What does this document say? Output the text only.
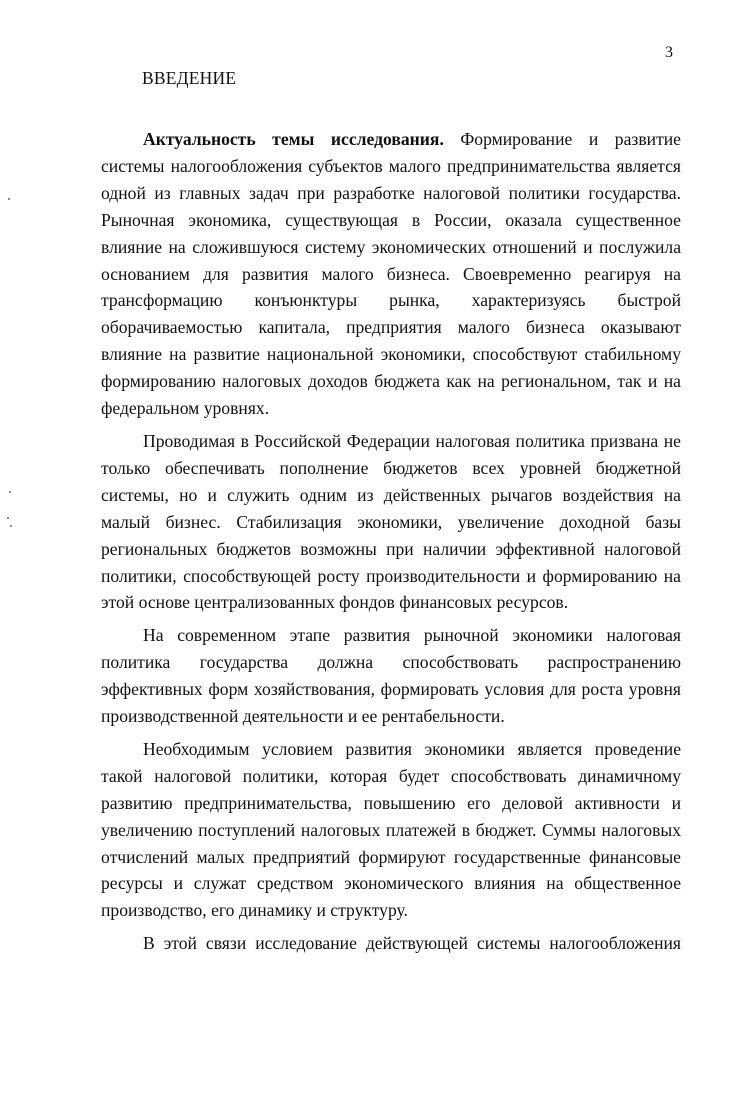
3
ВВЕДЕНИЕ

Актуальность темы исследования. Формирование и развитие системы налогообложения субъектов малого предпринимательства является одной из главных задач при разработке налоговой политики государства. Рыночная экономика, существующая в России, оказала существенное влияние на сложившуюся систему экономических отношений и послужила основанием для развития малого бизнеса. Своевременно реагируя на трансформацию конъюнктуры рынка, характеризуясь быстрой оборачиваемостью капитала, предприятия малого бизнеса оказывают влияние на развитие национальной экономики, способствуют стабильному формированию налоговых доходов бюджета как на региональном, так и на федеральном уровнях.

Проводимая в Российской Федерации налоговая политика призвана не только обеспечивать пополнение бюджетов всех уровней бюджетной системы, но и служить одним из действенных рычагов воздействия на малый бизнес. Стабилизация экономики, увеличение доходной базы региональных бюджетов возможны при наличии эффективной налоговой политики, способствующей росту производительности и формированию на этой основе централизованных фондов финансовых ресурсов.

На современном этапе развития рыночной экономики налоговая политика государства должна способствовать распространению эффективных форм хозяйствования, формировать условия для роста уровня производственной деятельности и ее рентабельности.

Необходимым условием развития экономики является проведение такой налоговой политики, которая будет способствовать динамичному развитию предпринимательства, повышению его деловой активности и увеличению поступлений налоговых платежей в бюджет. Суммы налоговых отчислений малых предприятий формируют государственные финансовые ресурсы и служат средством экономического влияния на общественное производство, его динамику и структуру.

В этой связи исследование действующей системы налогообложения
